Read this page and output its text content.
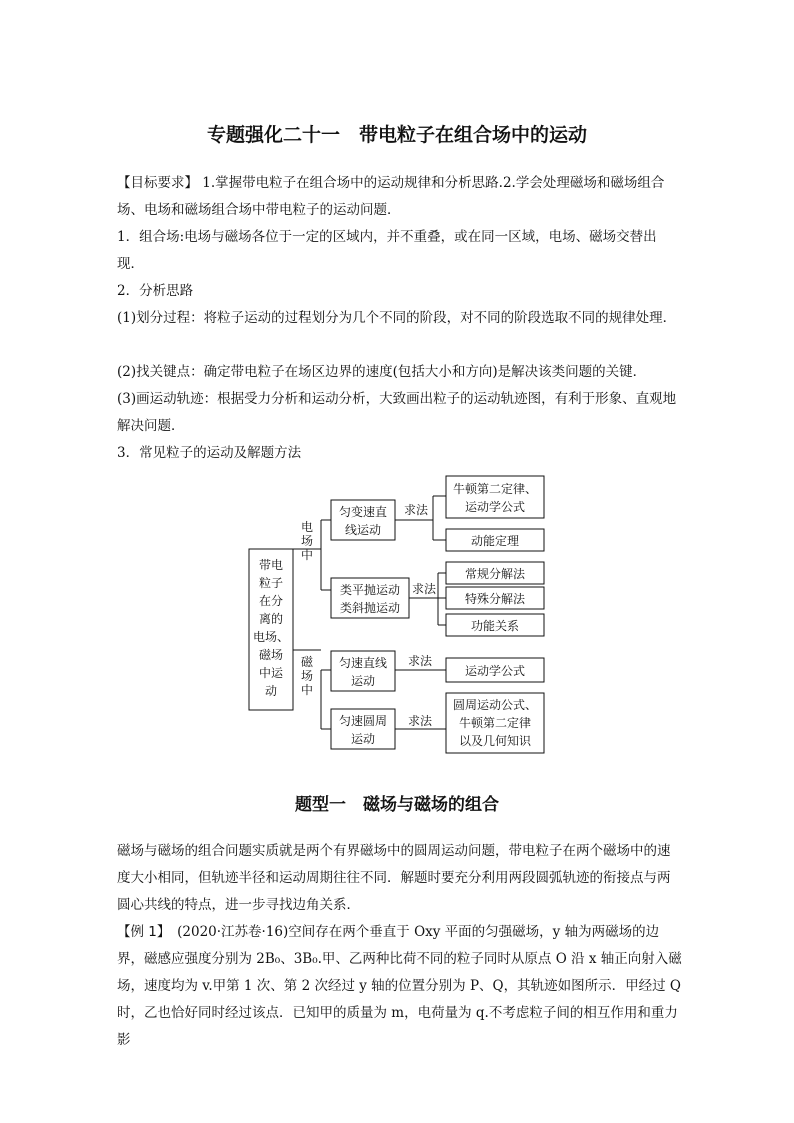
专题强化二十一　带电粒子在组合场中的运动

【目标要求】 1.掌握带电粒子在组合场中的运动规律和分析思路.2.学会处理磁场和磁场组合场、电场和磁场组合场中带电粒子的运动问题．

1．组合场:电场与磁场各位于一定的区域内，并不重叠，或在同一区域，电场、磁场交替出现．

2．分析思路

(1)划分过程：将粒子运动的过程划分为几个不同的阶段，对不同的阶段选取不同的规律处理．

(2)找关键点：确定带电粒子在场区边界的速度(包括大小和方向)是解决该类问题的关键．

(3)画运动轨迹：根据受力分析和运动分析，大致画出粒子的运动轨迹图，有利于形象、直观地解决问题．

3．常见粒子的运动及解题方法

带电
粒子
在分
离的
电场、
磁场
中运
动
电
场
中
磁
场
中
匀变速直
线运动
类平抛运动
类斜抛运动
匀速直线
运动
匀速圆周
运动
求法
求法
求法
求法
牛顿第二定律、
运动学公式
动能定理
常规分解法
特殊分解法
功能关系
运动学公式
圆周运动公式、
牛顿第二定律
以及几何知识
题型一　磁场与磁场的组合

磁场与磁场的组合问题实质就是两个有界磁场中的圆周运动问题，带电粒子在两个磁场中的速度大小相同，但轨迹半径和运动周期往往不同．解题时要充分利用两段圆弧轨迹的衔接点与两圆心共线的特点，进一步寻找边角关系．

【例 1】　(2020·江苏卷·16)空间存在两个垂直于 Oxy 平面的匀强磁场，y 轴为两磁场的边界，磁感应强度分别为 2B₀、3B₀.甲、乙两种比荷不同的粒子同时从原点 O 沿 x 轴正向射入磁场，速度均为 v.甲第 1 次、第 2 次经过 y 轴的位置分别为 P、Q，其轨迹如图所示．甲经过 Q 时，乙也恰好同时经过该点．已知甲的质量为 m，电荷量为 q.不考虑粒子间的相互作用和重力影
